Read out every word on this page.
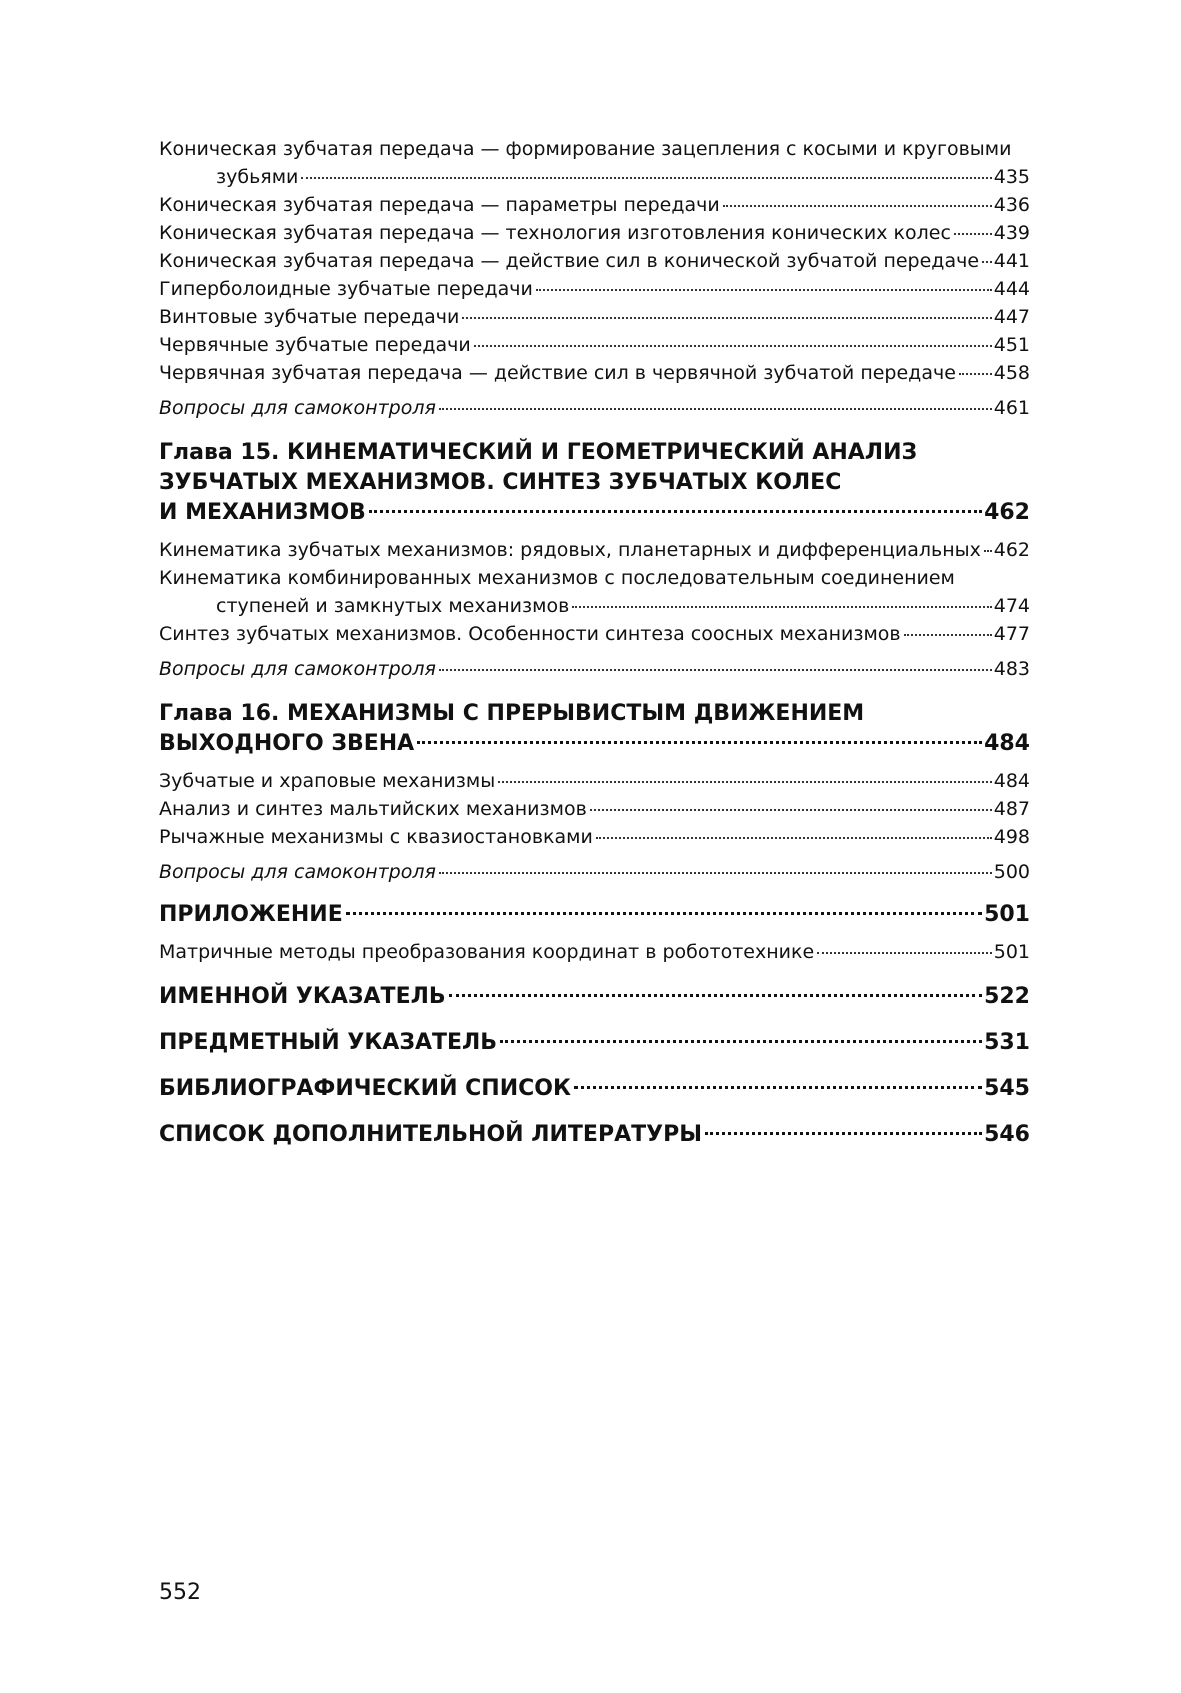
Коническая зубчатая передача — формирование зацепления с косыми и круговыми
зубьями	435
Коническая зубчатая передача — параметры передачи	436
Коническая зубчатая передача — технология изготовления конических колес 439
Коническая зубчатая передача — действие сил в конической зубчатой передаче 441
Гиперболоидные зубчатые передачи	444
Винтовые зубчатые передачи	447
Червячные зубчатые передачи	451
Червячная зубчатая передача — действие сил в червячной зубчатой передаче 458
Вопросы для самоконтроля	461
Глава 15. КИНЕМАТИЧЕСКИЙ И ГЕОМЕТРИЧЕСКИЙ АНАЛИЗ
ЗУБЧАТЫХ МЕХАНИЗМОВ. СИНТЕЗ ЗУБЧАТЫХ КОЛЕС
И МЕХАНИЗМОВ	462
Кинематика зубчатых механизмов: рядовых, планетарных и дифференциальных 462
Кинематика комбинированных механизмов с последовательным соединением
ступеней и замкнутых механизмов	474
Синтез зубчатых механизмов. Особенности синтеза соосных механизмов	477
Вопросы для самоконтроля	483
Глава 16. МЕХАНИЗМЫ С ПРЕРЫВИСТЫМ ДВИЖЕНИЕМ
ВЫХОДНОГО ЗВЕНА	484
Зубчатые и храповые механизмы	484
Анализ и синтез мальтийских механизмов	487
Рычажные механизмы с квазиостановками	498
Вопросы для самоконтроля	500
ПРИЛОЖЕНИЕ	501
Матричные методы преобразования координат в робототехнике	501
ИМЕННОЙ УКАЗАТЕЛЬ	522
ПРЕДМЕТНЫЙ УКАЗАТЕЛЬ	531
БИБЛИОГРАФИЧЕСКИЙ СПИСОК	545
СПИСОК ДОПОЛНИТЕЛЬНОЙ ЛИТЕРАТУРЫ	546
552
